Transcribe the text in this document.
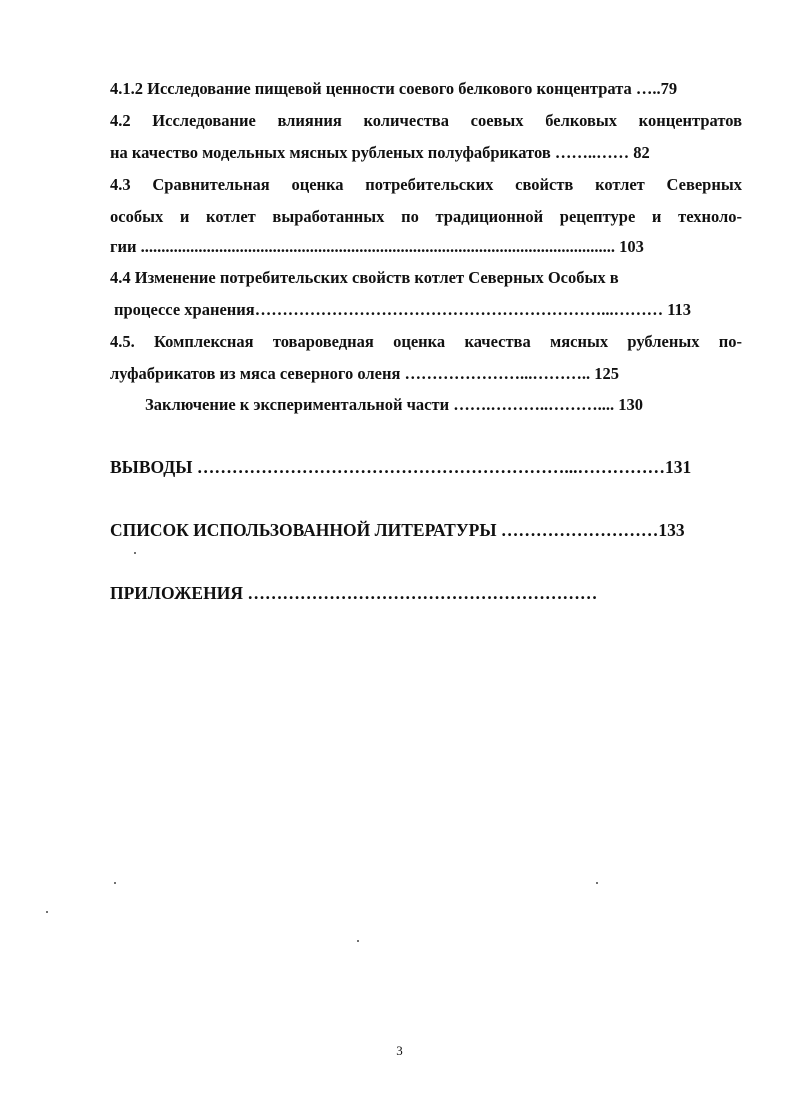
4.1.2 Исследование пищевой ценности соевого белкового концентрата …..79
4.2 Исследование влияния количества соевых белковых концентратов
на качество модельных мясных рубленых полуфабрикатов ……..…… 82
4.3 Сравнительная оценка потребительских свойств котлет Северных
особых и котлет выработанных по традиционной рецептуре и техноло-
гии ................................................................................................................... 103
4.4 Изменение потребительских свойств котлет Северных Особых в
процессе хранения………………………………………………………...……… 113
4.5. Комплексная товароведная оценка качества мясных рубленых по-
луфабрикатов из мяса северного оленя …………………...……….. 125
Заключение к экспериментальной части …….………..……….... 130
ВЫВОДЫ ………………………………………………………...……………131
СПИСОК ИСПОЛЬЗОВАННОЙ ЛИТЕРАТУРЫ ………………………133
ПРИЛОЖЕНИЯ ……………………………………………………
3
